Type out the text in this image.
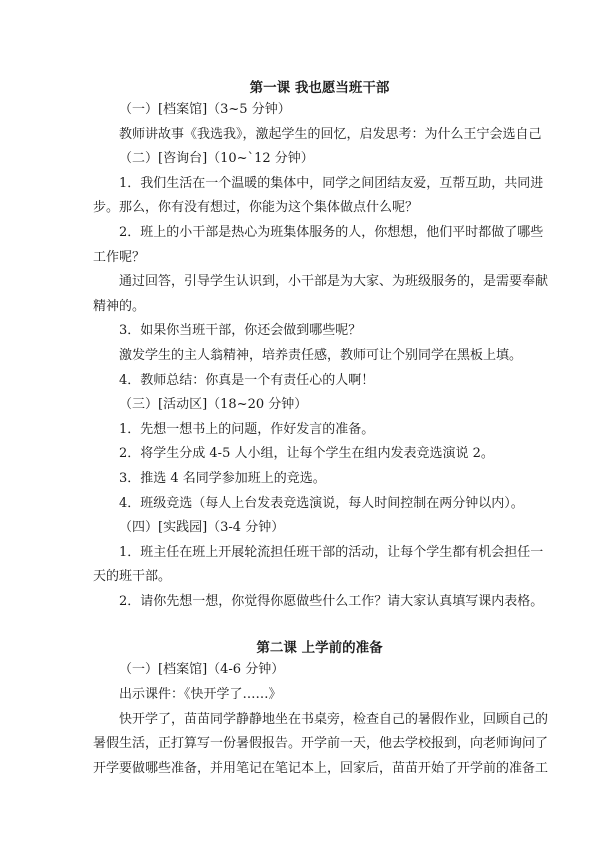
第一课 我也愿当班干部

（一）[档案馆]（3~5 分钟）

教师讲故事《我选我》，激起学生的回忆，启发思考：为什么王宁会选自己

（二）[咨询台]（10~`12 分钟）

1．我们生活在一个温暖的集体中，同学之间团结友爱，互帮互助，共同进

步。那么，你有没有想过，你能为这个集体做点什么呢？

2．班上的小干部是热心为班集体服务的人，你想想，他们平时都做了哪些

工作呢？

通过回答，引导学生认识到，小干部是为大家、为班级服务的，是需要奉献

精神的。

3．如果你当班干部，你还会做到哪些呢？

激发学生的主人翁精神，培养责任感，教师可让个别同学在黑板上填。

4．教师总结：你真是一个有责任心的人啊！

（三）[活动区]（18~20 分钟）

1．先想一想书上的问题，作好发言的准备。

2．将学生分成 4-5 人小组，让每个学生在组内发表竞选演说 2。

3．推选 4 名同学参加班上的竞选。

4．班级竞选（每人上台发表竞选演说，每人时间控制在两分钟以内）。

（四）[实践园]（3-4 分钟）

1．班主任在班上开展轮流担任班干部的活动，让每个学生都有机会担任一

天的班干部。

2．请你先想一想，你觉得你愿做些什么工作？请大家认真填写课内表格。

第二课 上学前的准备

（一）[档案馆]（4-6 分钟）

出示课件：《快开学了……》

快开学了，苗苗同学静静地坐在书桌旁，检查自己的暑假作业，回顾自己的

暑假生活，正打算写一份暑假报告。开学前一天，他去学校报到，向老师询问了

开学要做哪些准备，并用笔记在笔记本上，回家后，苗苗开始了开学前的准备工
